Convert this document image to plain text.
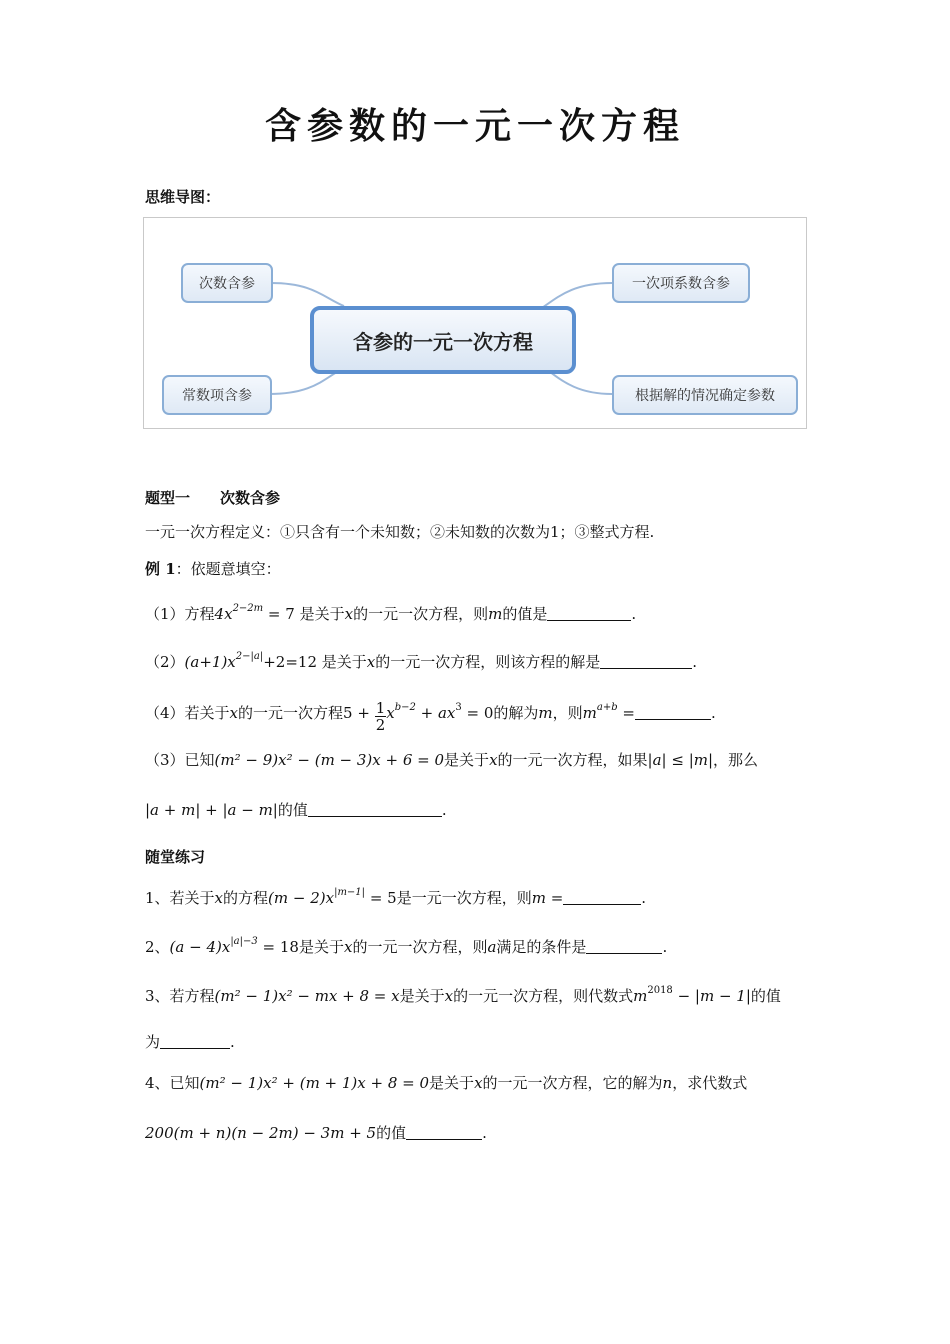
含参数的一元一次方程
思维导图：
次数含参
常数项含参
含参的一元一次方程
一次项系数含参
根据解的情况确定参数
题型一　　次数含参
一元一次方程定义：①只含有一个未知数；②未知数的次数为1；③整式方程.
例 1：依题意填空：
（1）方程$4x^{2-2m} = 7$ 是关于x的一元一次方程，则m的值是	.
$(2)(a+1)x^{2-|a|}+2=12$ 是关于x的一元一次方程，则该方程的解是	.
（4）若关于x的一元一次方程$5 + \frac{1}{2} x^{b-2} + ax^3 = 0$的解为m，则$m^{a+b}$ =	.
（3）已知(m² − 9)x² − (m − 3)x + 6 = 0是关于x的一元一次方程，如果|a| ≤ |m|，那么
|a + m| + |a − m|的值	.
随堂练习
1、若关于x的方程$(m - 2)x^{|m-1|} = 5$是一元一次方程，则m =	.
2、$(a - 4)x^{|a|-3} = 18$是关于x的一元一次方程，则a满足的条件是	.
3、若方程(m² − 1)x² − mx + 8 = x是关于x的一元一次方程，则代数式$m^{2018} - |m - 1|$的值
为	.
4、已知(m² − 1)x² + (m + 1)x + 8 = 0是关于x的一元一次方程，它的解为n，求代数式
200(m + n)(n − 2m) − 3m + 5的值	.
